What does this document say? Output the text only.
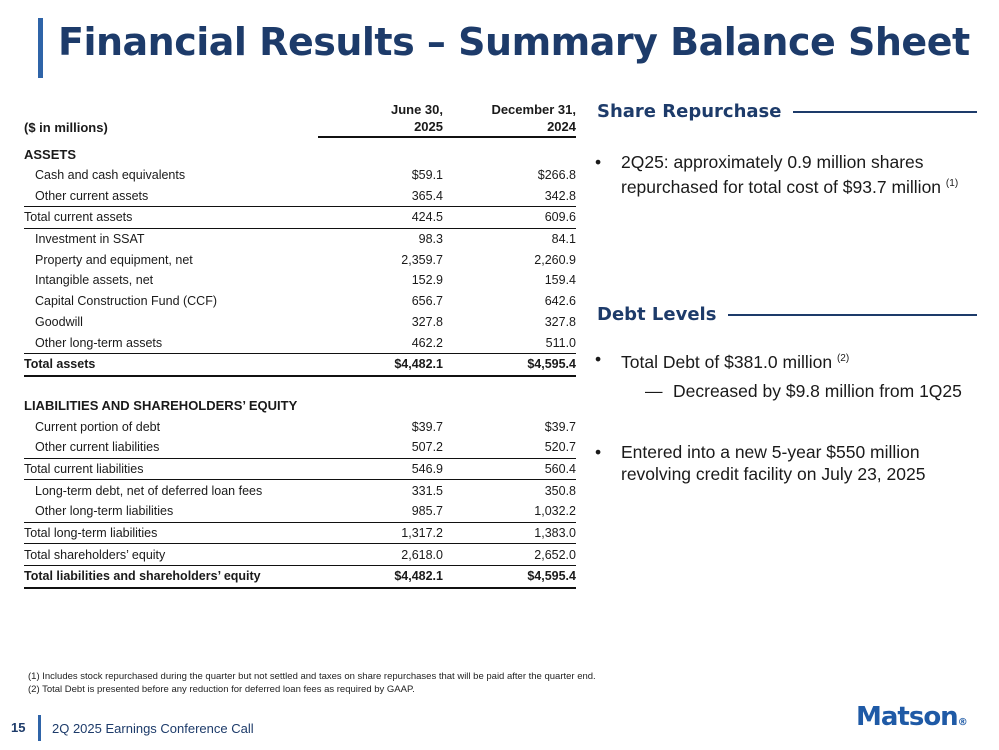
Financial Results – Summary Balance Sheet
	June 30,	December 31,
($ in millions)	2025	2024

ASSETS		
Cash and cash equivalents	$59.1	$266.8
Other current assets	365.4	342.8
Total current assets	424.5	609.6
Investment in SSAT	98.3	84.1
Property and equipment, net	2,359.7	2,260.9
Intangible assets, net	152.9	159.4
Capital Construction Fund (CCF)	656.7	642.6
Goodwill	327.8	327.8
Other long-term assets	462.2	511.0
Total assets	$4,482.1	$4,595.4

LIABILITIES AND SHAREHOLDERS’ EQUITY		
Current portion of debt	$39.7	$39.7
Other current liabilities	507.2	520.7
Total current liabilities	546.9	560.4
Long-term debt, net of deferred loan fees	331.5	350.8
Other long-term liabilities	985.7	1,032.2
Total long-term liabilities	1,317.2	1,383.0
Total shareholders’ equity	2,618.0	2,652.0
Total liabilities and shareholders’ equity	$4,482.1	$4,595.4
Share Repurchase
• 2Q25: approximately 0.9 million shares repurchased for total cost of $93.7 million $^{(1)}$
Debt Levels
• Total Debt of $381.0 million $^{(2)}$
— Decreased by $9.8 million from 1Q25
• Entered into a new 5-year $550 million revolving credit facility on July 23, 2025
(1) Includes stock repurchased during the quarter but not settled and taxes on share repurchases that will be paid after the quarter end.
(2) Total Debt is presented before any reduction for deferred loan fees as required by GAAP.
15 2Q 2025 Earnings Conference Call	Matson®
